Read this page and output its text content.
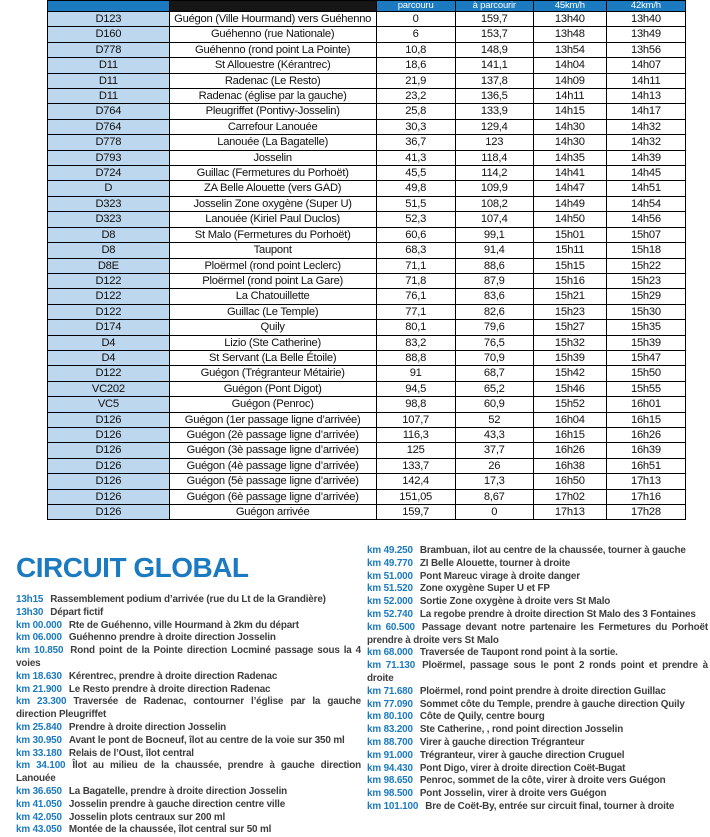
		parcouru	à parcourir	45km/h	42km/h
D123	Guégon (Ville Hourmand) vers Guéhenno	0	159,7	13h40	13h40
D160	Guéhenno (rue Nationale)	6	153,7	13h48	13h49
D778	Guéhenno (rond point La Pointe)	10,8	148,9	13h54	13h56
D11	St Allouestre (Kérantrec)	18,6	141,1	14h04	14h07
D11	Radenac (Le Resto)	21,9	137,8	14h09	14h11
D11	Radenac (église par la gauche)	23,2	136,5	14h11	14h13
D764	Pleugriffet (Pontivy-Josselin)	25,8	133,9	14h15	14h17
D764	Carrefour Lanouée	30,3	129,4	14h30	14h32
D778	Lanouée (La Bagatelle)	36,7	123	14h30	14h32
D793	Josselin	41,3	118,4	14h35	14h39
D724	Guillac (Fermetures du Porhoët)	45,5	114,2	14h41	14h45
D	ZA Belle Alouette (vers GAD)	49,8	109,9	14h47	14h51
D323	Josselin Zone oxygène (Super U)	51,5	108,2	14h49	14h54
D323	Lanouée (Kiriel Paul Duclos)	52,3	107,4	14h50	14h56
D8	St Malo (Fermetures du Porhoët)	60,6	99,1	15h01	15h07
D8	Taupont	68,3	91,4	15h11	15h18
D8E	Ploërmel (rond point Leclerc)	71,1	88,6	15h15	15h22
D122	Ploërmel (rond point La Gare)	71,8	87,9	15h16	15h23
D122	La Chatouillette	76,1	83,6	15h21	15h29
D122	Guillac (Le Temple)	77,1	82,6	15h23	15h30
D174	Quily	80,1	79,6	15h27	15h35
D4	Lizio (Ste Catherine)	83,2	76,5	15h32	15h39
D4	St Servant (La Belle Étoile)	88,8	70,9	15h39	15h47
D122	Guégon (Trégranteur Métairie)	91	68,7	15h42	15h50
VC202	Guégon (Pont Digot)	94,5	65,2	15h46	15h55
VC5	Guégon (Penroc)	98,8	60,9	15h52	16h01
D126	Guégon (1er passage ligne d’arrivée)	107,7	52	16h04	16h15
D126	Guégon (2è passage ligne d’arrivée)	116,3	43,3	16h15	16h26
D126	Guégon (3è passage ligne d’arrivée)	125	37,7	16h26	16h39
D126	Guégon (4è passage ligne d’arrivée)	133,7	26	16h38	16h51
D126	Guégon (5è passage ligne d’arrivée)	142,4	17,3	16h50	17h13
D126	Guégon (6è passage ligne d’arrivée)	151,05	8,67	17h02	17h16
D126	Guégon arrivée	159,7	0	17h13	17h28
CIRCUIT GLOBAL

13h15 Rassemblement podium d’arrivée (rue du Lt de la Grandière)

13h30 Départ fictif

km 00.000 Rte de Guéhenno, ville Hourmand à 2km du départ

km 06.000 Guéhenno prendre à droite direction Josselin

km 10.850 Rond point de la Pointe direction Locminé passage sous la 4 voies

km 18.630 Kérentrec, prendre à droite direction Radenac

km 21.900 Le Resto prendre à droite direction Radenac

km 23.300 Traversée de Radenac, contourner l’église par la gauche direction Pleugriffet

km 25.840 Prendre à droite direction Josselin

km 30.950 Avant le pont de Bocneuf, îlot au centre de la voie sur 350 ml

km 33.180 Relais de l’Oust, îlot central

km 34.100 Îlot au milieu de la chaussée, prendre à gauche direction Lanouée

km 36.650 La Bagatelle, prendre à droite direction Josselin

km 41.050 Josselin prendre à gauche direction centre ville

km 42.050 Josselin plots centraux sur 200 ml

km 43.050 Montée de la chaussée, îlot central sur 50 ml

km 49.250 Brambuan, ilot au centre de la chaussée, tourner à gauche

km 49.770 ZI Belle Alouette, tourner à droite

km 51.000 Pont Mareuc virage à droite danger

km 51.520 Zone oxygène Super U et FP

km 52.000 Sortie Zone oxygène à droite vers St Malo

km 52.740 La regobe prendre à droite direction St Malo des 3 Fontaines

km 60.500 Passage devant notre partenaire les Fermetures du Porhoët prendre à droite vers St Malo

km 68.000 Traversée de Taupont rond point à la sortie.

km 71.130 Ploërmel, passage sous le pont 2 ronds point et prendre à droite

km 71.680 Ploërmel, rond point prendre à droite direction Guillac

km 77.090 Sommet côte du Temple, prendre à gauche direction Quily

km 80.100 Côte de Quily, centre bourg

km 83.200 Ste Catherine, , rond point direction Josselin

km 88.700 Virer à gauche direction Trégranteur

km 91.000 Trégranteur, virer à gauche direction Cruguel

km 94.430 Pont Digo, virer à droite direction Coët-Bugat

km 98.650 Penroc, sommet de la côte, virer à droite vers Guégon

km 98.500 Pont Josselin, virer à droite vers Guégon

km 101.100 Bre de Coët-By, entrée sur circuit final, tourner à droite
